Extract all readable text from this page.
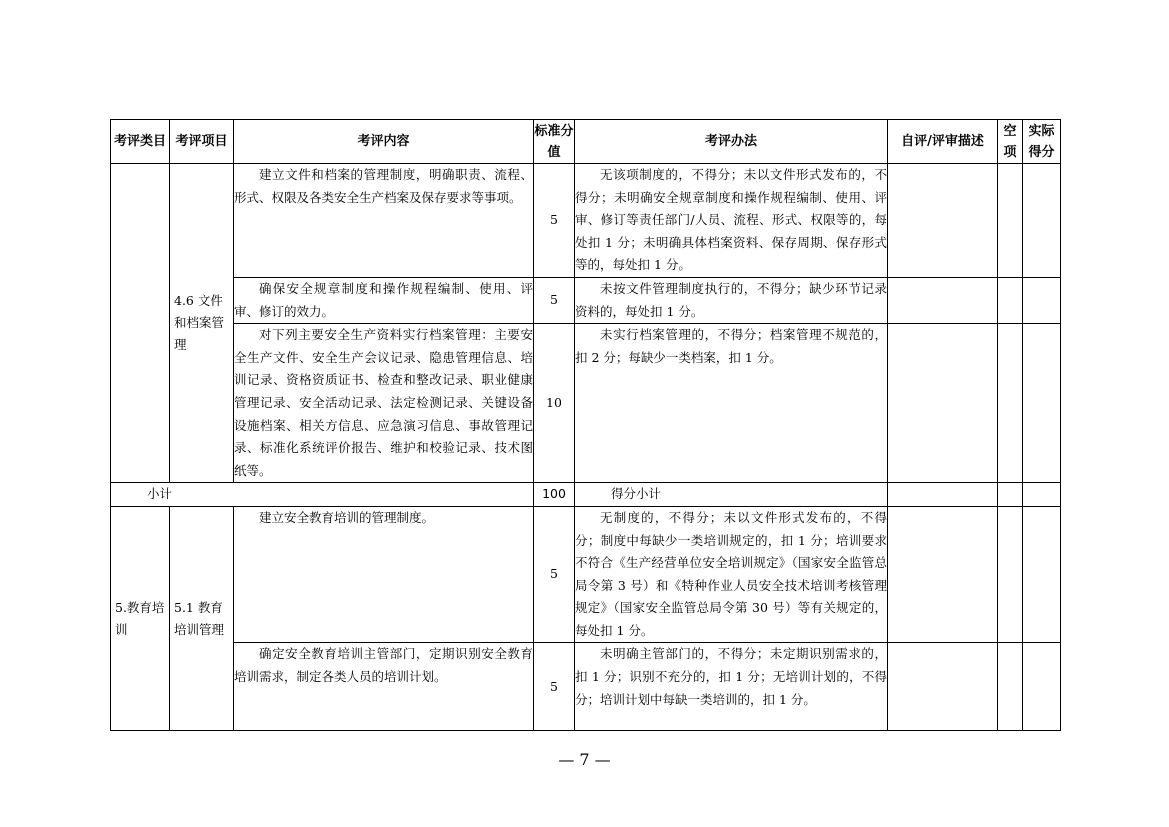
考评类目	考评项目	考评内容	标准分值	考评办法	自评/评审描述	空项	实际得分
	4.6 文件和档案管理	建立文件和档案的管理制度，明确职责、流程、形式、权限及各类安全生产档案及保存要求等事项。	5	无该项制度的，不得分；未以文件形式发布的，不得分；未明确安全规章制度和操作规程编制、使用、评审、修订等责任部门/人员、流程、形式、权限等的，每处扣 1 分；未明确具体档案资料、保存周期、保存形式等的，每处扣 1 分。			
		确保安全规章制度和操作规程编制、使用、评审、修订的效力。	5	未按文件管理制度执行的，不得分；缺少环节记录资料的，每处扣 1 分。			
		对下列主要安全生产资料实行档案管理：主要安全生产文件、安全生产会议记录、隐患管理信息、培训记录、资格资质证书、检查和整改记录、职业健康管理记录、安全活动记录、法定检测记录、关键设备设施档案、相关方信息、应急演习信息、事故管理记录、标准化系统评价报告、维护和校验记录、技术图纸等。	10	未实行档案管理的，不得分；档案管理不规范的，扣 2 分；每缺少一类档案，扣 1 分。			
小计			100	得分小计			
5.教育培训	5.1 教育培训管理	建立安全教育培训的管理制度。	5	无制度的，不得分；未以文件形式发布的，不得分；制度中每缺少一类培训规定的，扣 1 分；培训要求不符合《生产经营单位安全培训规定》（国家安全监管总局令第 3 号）和《特种作业人员安全技术培训考核管理规定》（国家安全监管总局令第 30 号）等有关规定的，每处扣 1 分。			
		确定安全教育培训主管部门，定期识别安全教育培训需求，制定各类人员的培训计划。	5	未明确主管部门的，不得分；未定期识别需求的，扣 1 分；识别不充分的，扣 1 分；无培训计划的，不得分；培训计划中每缺一类培训的，扣 1 分。			
— 7 —
